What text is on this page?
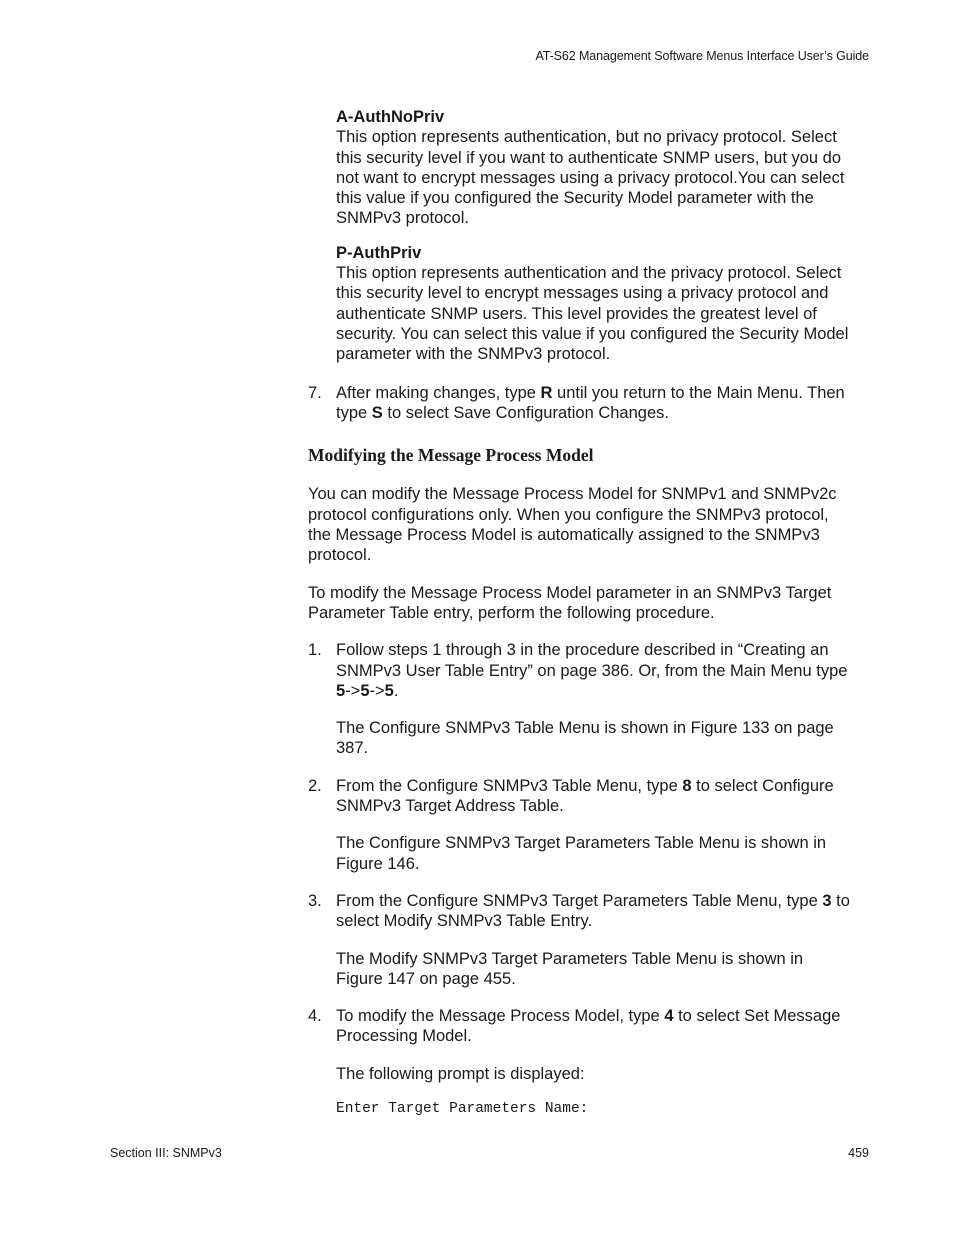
AT-S62 Management Software Menus Interface User’s Guide

A-AuthNoPriv

This option represents authentication, but no privacy protocol. Select
this security level if you want to authenticate SNMP users, but you do
not want to encrypt messages using a privacy protocol.You can select
this value if you configured the Security Model parameter with the
SNMPv3 protocol.

P-AuthPriv

This option represents authentication and the privacy protocol. Select
this security level to encrypt messages using a privacy protocol and
authenticate SNMP users. This level provides the greatest level of
security. You can select this value if you configured the Security Model
parameter with the SNMPv3 protocol.
7. After making changes, type R until you return to the Main Menu. Then
type S to select Save Configuration Changes.
Modifying the Message Process Model
You can modify the Message Process Model for SNMPv1 and SNMPv2c
protocol configurations only. When you configure the SNMPv3 protocol,
the Message Process Model is automatically assigned to the SNMPv3
protocol.
To modify the Message Process Model parameter in an SNMPv3 Target
Parameter Table entry, perform the following procedure.
1. Follow steps 1 through 3 in the procedure described in “Creating an
SNMPv3 User Table Entry” on page 386. Or, from the Main Menu type
5->5->5.
The Configure SNMPv3 Table Menu is shown in Figure 133 on page
387.
2. From the Configure SNMPv3 Table Menu, type 8 to select Configure
SNMPv3 Target Address Table.
The Configure SNMPv3 Target Parameters Table Menu is shown in
Figure 146.
3. From the Configure SNMPv3 Target Parameters Table Menu, type 3 to
select Modify SNMPv3 Table Entry.
The Modify SNMPv3 Target Parameters Table Menu is shown in
Figure 147 on page 455.
4. To modify the Message Process Model, type 4 to select Set Message
Processing Model.
The following prompt is displayed:
Enter Target Parameters Name:
Section III: SNMPv3	459
